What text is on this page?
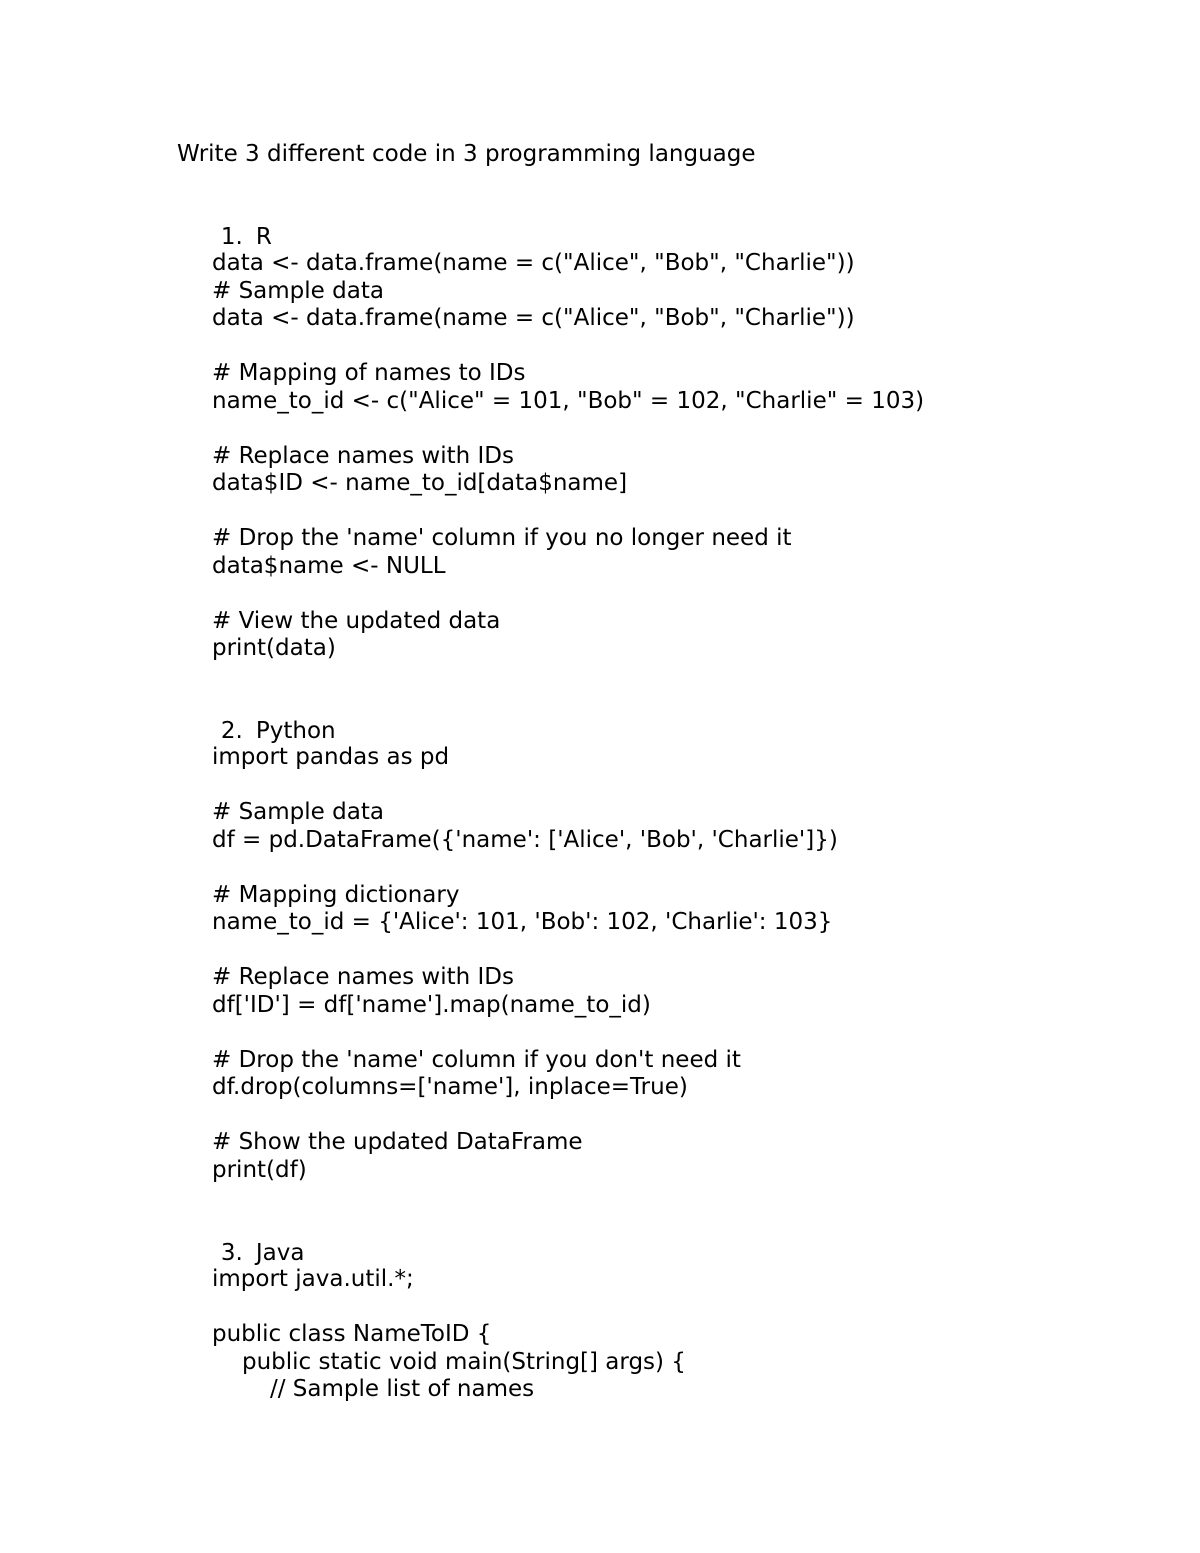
Write 3 different code in 3 programming language

1. R

data <- data.frame(name = c("Alice", "Bob", "Charlie"))
# Sample data
data <- data.frame(name = c("Alice", "Bob", "Charlie"))
# Mapping of names to IDs
name_to_id <- c("Alice" = 101, "Bob" = 102, "Charlie" = 103)
# Replace names with IDs
data$ID <- name_to_id[data$name]
# Drop the 'name' column if you no longer need it
data$name <- NULL
# View the updated data
print(data)

2. Python

import pandas as pd
# Sample data
df = pd.DataFrame({'name': ['Alice', 'Bob', 'Charlie']})
# Mapping dictionary
name_to_id = {'Alice': 101, 'Bob': 102, 'Charlie': 103}
# Replace names with IDs
df['ID'] = df['name'].map(name_to_id)
# Drop the 'name' column if you don't need it
df.drop(columns=['name'], inplace=True)
# Show the updated DataFrame
print(df)

3. Java

import java.util.*;
public class NameToID {
public static void main(String[] args) {
// Sample list of names
